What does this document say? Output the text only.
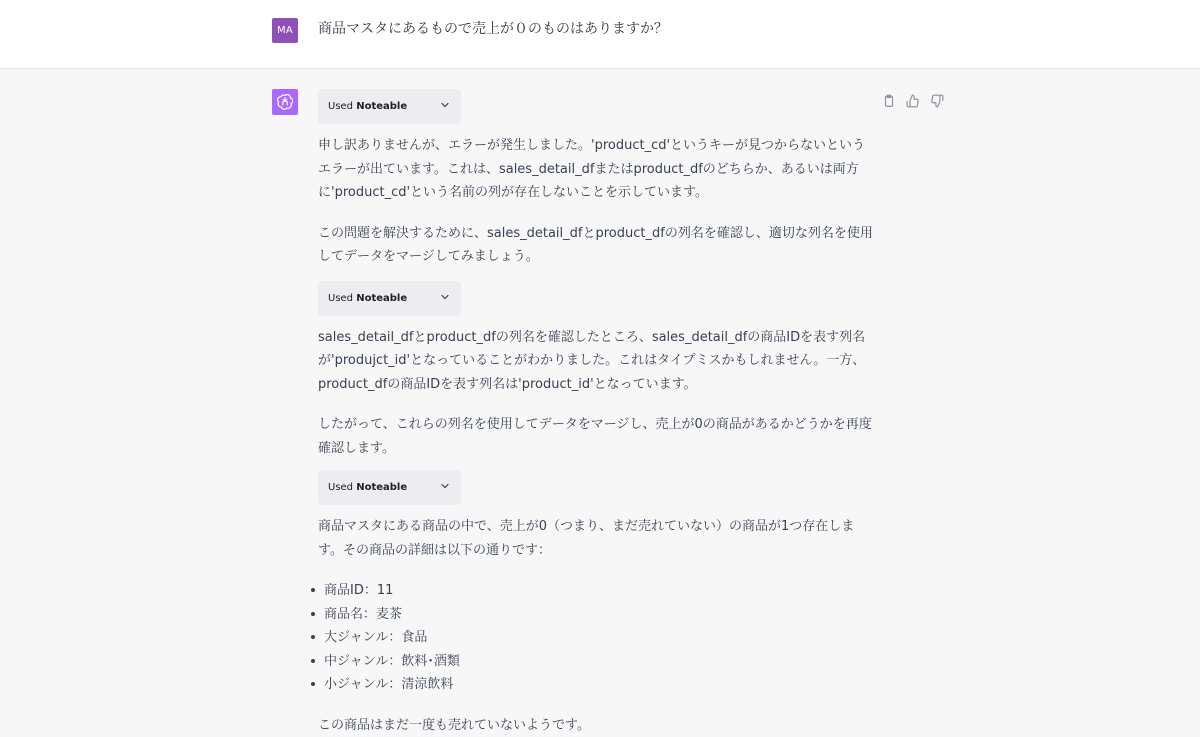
MA	商品マスタにあるもので売上が０のものはありますか？
Used Noteable

申し訳ありませんが、エラーが発生しました。'product_cd'というキーが見つからないというエラーが出ています。これは、sales_detail_dfまたはproduct_dfのどちらか、あるいは両方に'product_cd'という名前の列が存在しないことを示しています。

この問題を解決するために、sales_detail_dfとproduct_dfの列名を確認し、適切な列名を使用してデータをマージしてみましょう。

Used Noteable

sales_detail_dfとproduct_dfの列名を確認したところ、sales_detail_dfの商品IDを表す列名が'produjct_id'となっていることがわかりました。これはタイプミスかもしれません。一方、product_dfの商品IDを表す列名は'product_id'となっています。

したがって、これらの列名を使用してデータをマージし、売上が0の商品があるかどうかを再度確認します。

Used Noteable

商品マスタにある商品の中で、売上が0（つまり、まだ売れていない）の商品が1つ存在します。その商品の詳細は以下の通りです：

商品ID：11
商品名：麦茶
大ジャンル：食品
中ジャンル：飲料･酒類
小ジャンル：清涼飲料

この商品はまだ一度も売れていないようです。
